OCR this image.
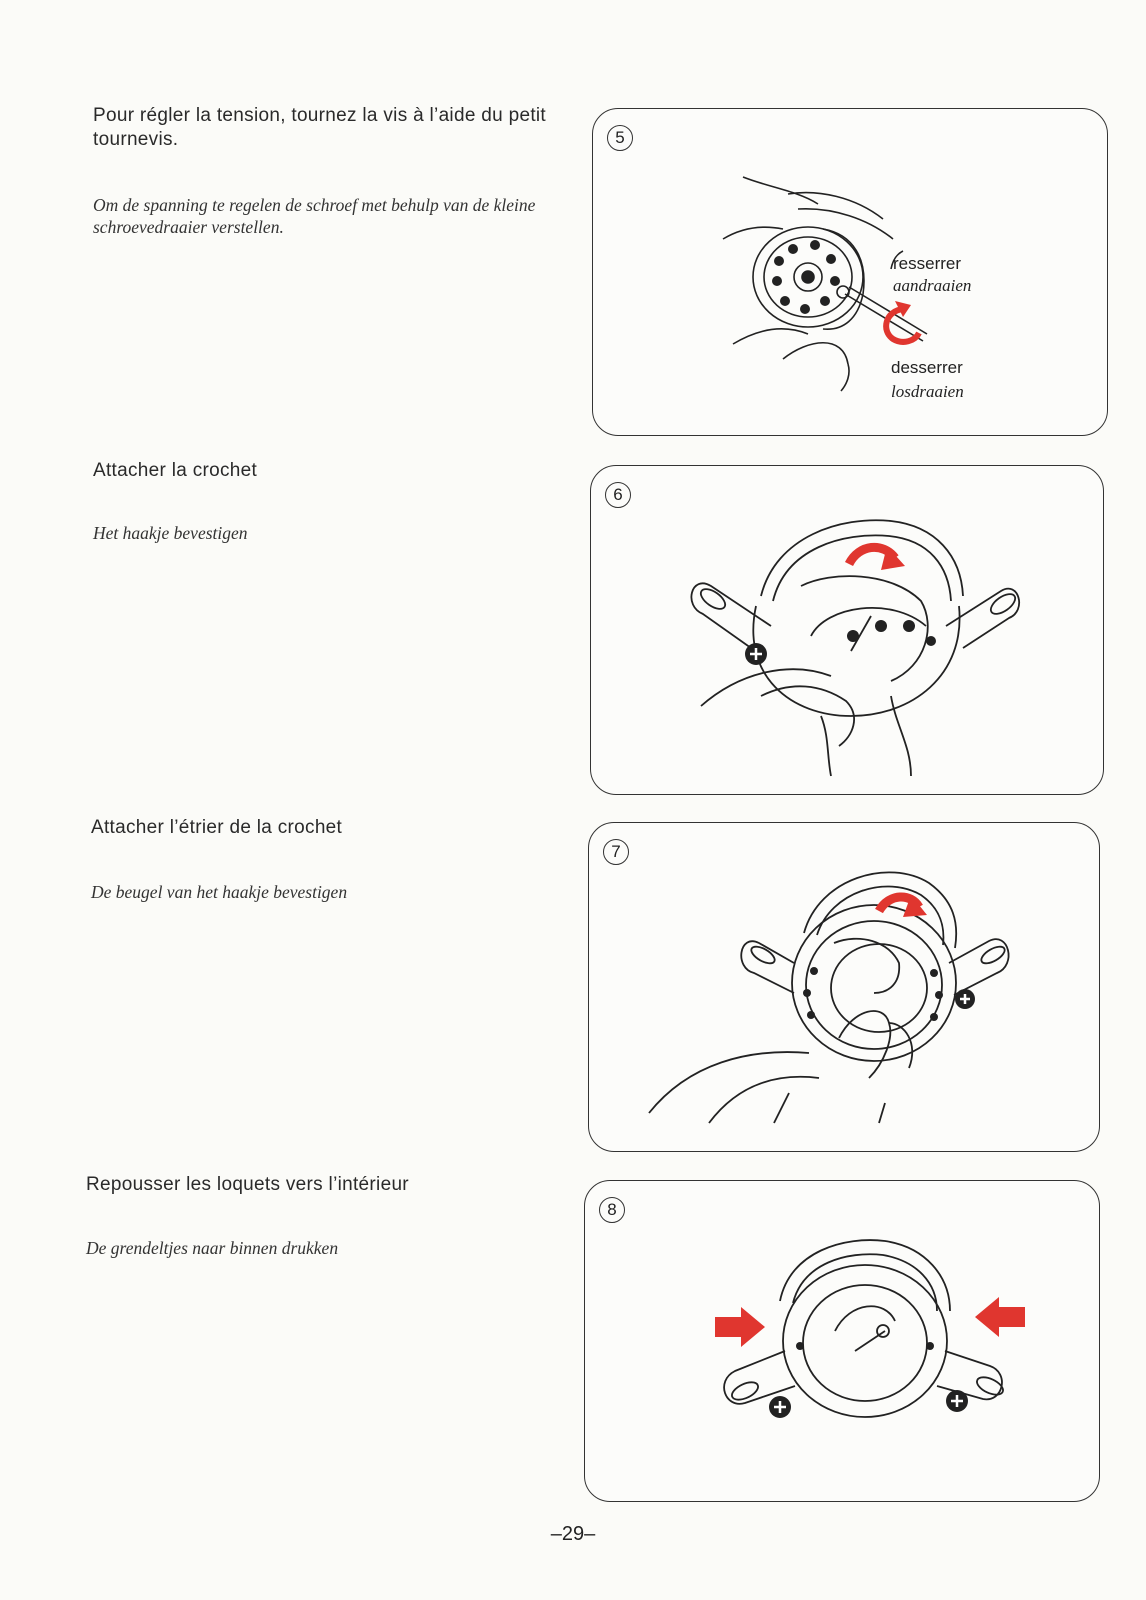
Pour régler la tension, tournez la vis à l’aide du petit tournevis.
Om de spanning te regelen de schroef met behulp van de kleine schroevedraaier verstellen.
Attacher la crochet
Het haakje bevestigen
Attacher l’étrier de la crochet
De beugel van het haakje bevestigen
Repousser les loquets vers l’intérieur
De grendeltjes naar binnen drukken
5
resserrer
aandraaien
desserrer
losdraaien
6
7
8
–29–
